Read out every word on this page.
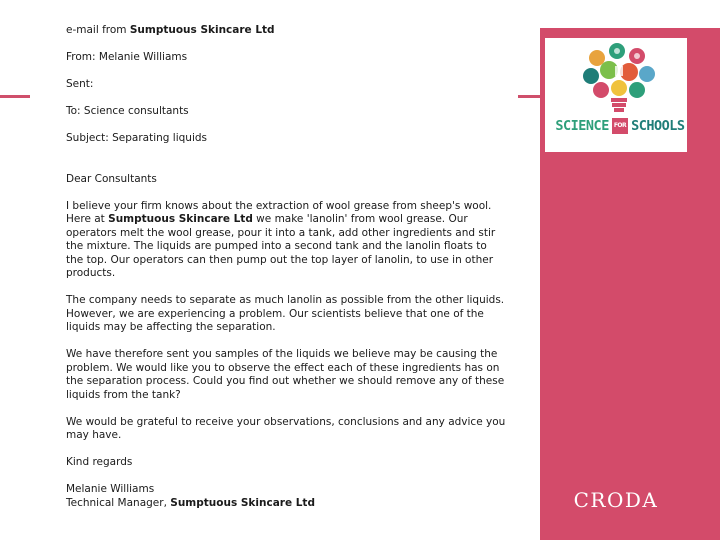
SCIENCE FOR SCHOOLS
CRODA

e-mail from Sumptuous Skincare Ltd

From: Melanie Williams

Sent:

To: Science consultants

Subject: Separating liquids

Dear Consultants

I believe your firm knows about the extraction of wool grease from sheep's wool. Here at Sumptuous Skincare Ltd we make 'lanolin' from wool grease. Our operators melt the wool grease, pour it into a tank, add other ingredients and stir the mixture. The liquids are pumped into a second tank and the lanolin floats to the top. Our operators can then pump out the top layer of lanolin, to use in other products.

The company needs to separate as much lanolin as possible from the other liquids. However, we are experiencing a problem. Our scientists believe that one of the liquids may be affecting the separation.

We have therefore sent you samples of the liquids we believe may be causing the problem. We would like you to observe the effect each of these ingredients has on the separation process. Could you find out whether we should remove any of these liquids from the tank?

We would be grateful to receive your observations, conclusions and any advice you may have.

Kind regards

Melanie Williams

Technical Manager, Sumptuous Skincare Ltd
